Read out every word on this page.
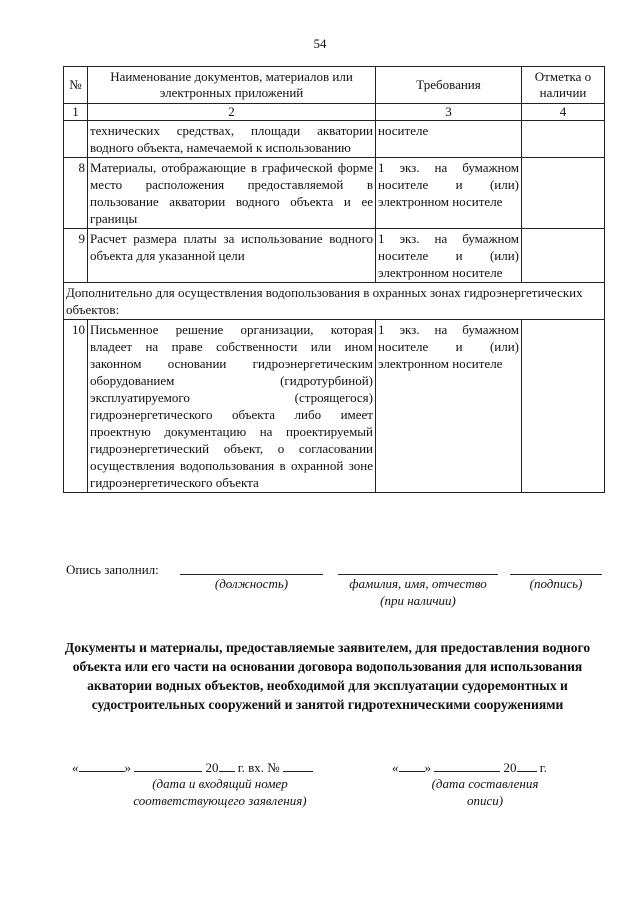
54
№	Наименование документов, материалов или электронных приложений	Требования	Отметка о наличии
1	2	3	4
	технических средствах, площади акватории водного объекта, намечаемой к использованию	носителе	
8	Материалы, отображающие в графической форме место расположения предоставляемой в пользование акватории водного объекта и ее границы	1 экз. на бумажном носителе и (или) электронном носителе	
9	Расчет размера платы за использование водного объекта для указанной цели	1 экз. на бумажном носителе и (или) электронном носителе	
Дополнительно для осуществления водопользования в охранных зонах гидроэнергетических объектов:			
10	Письменное решение организации, которая владеет на праве собственности или ином законном основании гидроэнергетическим оборудованием (гидротурбиной) эксплуатируемого (строящегося) гидроэнергетического объекта либо имеет проектную документацию на проектируемый гидроэнергетический объект, о согласовании осуществления водопользования в охранной зоне гидроэнергетического объекта	1 экз. на бумажном носителе и (или) электронном носителе	
Опись заполнил:
(должность)	фамилия, имя, отчество
(при наличии)
(подпись)
Документы и материалы, предоставляемые заявителем, для предоставления водного объекта или его части на основании договора водопользования для использования акватории водных объектов, необходимой для эксплуатации судоремонтных и судостроительных сооружений и занятой гидротехническими сооружениями
«	»	20 г. вх. №	« »	20 г.
(дата и входящий номер
соответствующего заявления)
(дата составления
описи)
